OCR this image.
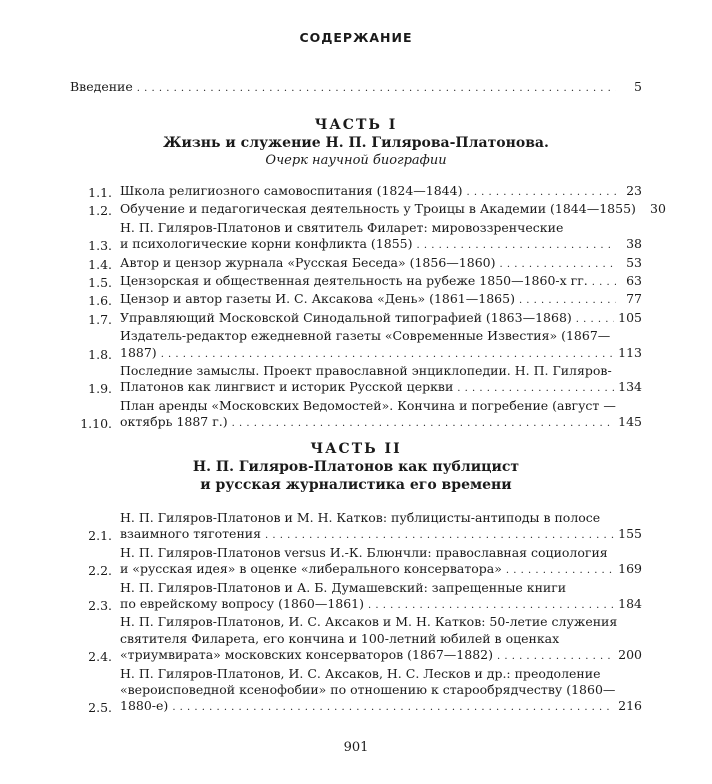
СОДЕРЖАНИЕ
Введение . . .	5
ЧАСТЬ I
Жизнь и служение Н. П. Гилярова-Платонова.
Очерк научной биографии
1.1. Школа религиозного самовоспитания (1824—1844) . . .	23
1.2. Обучение и педагогическая деятельность у Троицы в Академии (1844—1855)	30
1.3.
Н. П. Гиляров-Платонов и святитель Филарет: мировоззренческие
и психологические корни конфликта (1855) . . .	38
1.4. Автор и цензор журнала «Русская Беседа» (1856—1860) . . .	53
1.5. Цензорская и общественная деятельность на рубеже 1850—1860-х гг. . . .	63
1.6. Цензор и автор газеты И. С. Аксакова «День» (1861—1865) . . .	77
1.7. Управляющий Московской Синодальной типографией (1863—1868) . . .	105
1.8.
Издатель-редактор ежедневной газеты «Современные Известия» (1867—
1887) . . .	113
1.9.
Последние замыслы. Проект православной энциклопедии. Н. П. Гиляров-
Платонов как лингвист и историк Русской церкви . . .	134
1.10.
План аренды «Московских Ведомостей». Кончина и погребение (август —
октябрь 1887 г.) . . .	145
ЧАСТЬ II
Н. П. Гиляров-Платонов как публицист
и русская журналистика его времени
2.1.
Н. П. Гиляров-Платонов и М. Н. Катков: публицисты-антиподы в полосе
взаимного тяготения . . .	155
2.2.
Н. П. Гиляров-Платонов versus И.-К. Блюнчли: православная социология
и «русская идея» в оценке «либерального консерватора» . . .	169
2.3.
Н. П. Гиляров-Платонов и А. Б. Думашевский: запрещенные книги
по еврейскому вопросу (1860—1861) . . .	184
2.4.
Н. П. Гиляров-Платонов, И. С. Аксаков и М. Н. Катков: 50-летие служения
святителя Филарета, его кончина и 100-летний юбилей в оценках
«триумвирата» московских консерваторов (1867—1882) . . .	200
2.5.
Н. П. Гиляров-Платонов, И. С. Аксаков, Н. С. Лесков и др.: преодоление
«вероисповедной ксенофобии» по отношению к старообрядчеству (1860—
1880-е) . . .	216
901
